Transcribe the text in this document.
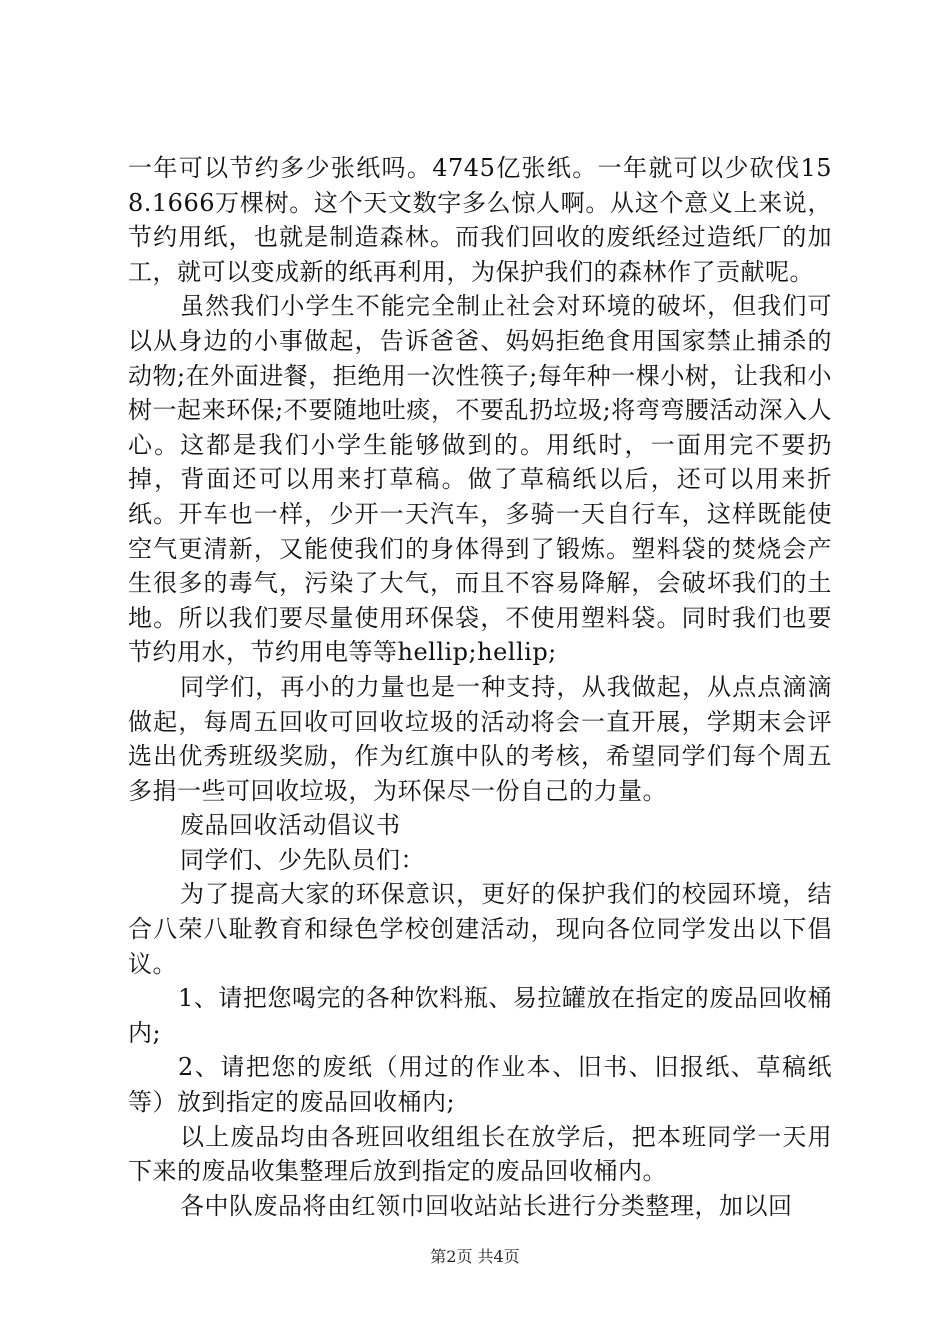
一年可以节约多少张纸吗。4745亿张纸。一年就可以少砍伐158.1666万棵树。这个天文数字多么惊人啊。从这个意义上来说，节约用纸，也就是制造森林。而我们回收的废纸经过造纸厂的加工，就可以变成新的纸再利用，为保护我们的森林作了贡献呢。

虽然我们小学生不能完全制止社会对环境的破坏，但我们可以从身边的小事做起，告诉爸爸、妈妈拒绝食用国家禁止捕杀的动物;在外面进餐，拒绝用一次性筷子;每年种一棵小树，让我和小树一起来环保;不要随地吐痰，不要乱扔垃圾;将弯弯腰活动深入人心。这都是我们小学生能够做到的。用纸时，一面用完不要扔掉，背面还可以用来打草稿。做了草稿纸以后，还可以用来折纸。开车也一样，少开一天汽车，多骑一天自行车，这样既能使空气更清新，又能使我们的身体得到了锻炼。塑料袋的焚烧会产生很多的毒气，污染了大气，而且不容易降解，会破坏我们的土地。所以我们要尽量使用环保袋，不使用塑料袋。同时我们也要节约用水，节约用电等等hellip;hellip;

同学们，再小的力量也是一种支持，从我做起，从点点滴滴做起，每周五回收可回收垃圾的活动将会一直开展，学期末会评选出优秀班级奖励，作为红旗中队的考核，希望同学们每个周五多捐一些可回收垃圾，为环保尽一份自己的力量。

废品回收活动倡议书

同学们、少先队员们：

为了提高大家的环保意识，更好的保护我们的校园环境，结合八荣八耻教育和绿色学校创建活动，现向各位同学发出以下倡议。

1、请把您喝完的各种饮料瓶、易拉罐放在指定的废品回收桶内;

2、请把您的废纸（用过的作业本、旧书、旧报纸、草稿纸等）放到指定的废品回收桶内;

以上废品均由各班回收组组长在放学后，把本班同学一天用下来的废品收集整理后放到指定的废品回收桶内。

各中队废品将由红领巾回收站站长进行分类整理，加以回

第2页 共4页
